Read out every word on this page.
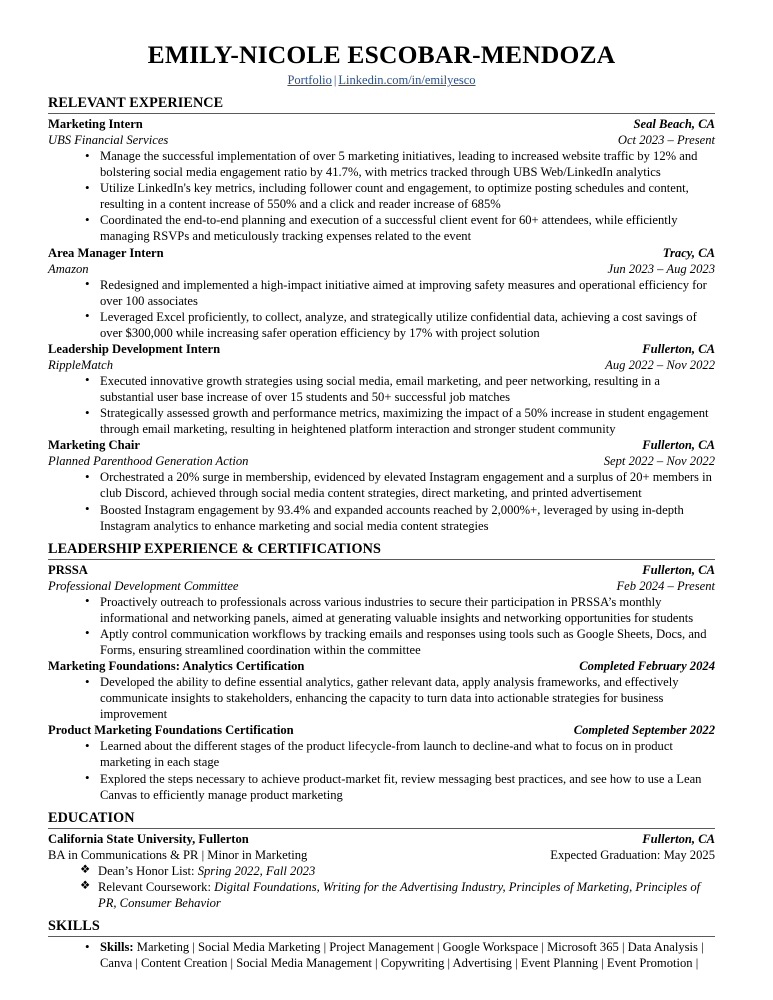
EMILY-NICOLE ESCOBAR-MENDOZA
Portfolio | Linkedin.com/in/emilyesco
RELEVANT EXPERIENCE
Marketing Intern	Seal Beach, CA
UBS Financial Services	Oct 2023 – Present
• Manage the successful implementation of over 5 marketing initiatives, leading to increased website traffic by 12% and bolstering social media engagement ratio by 41.7%, with metrics tracked through UBS Web/LinkedIn analytics
• Utilize LinkedIn's key metrics, including follower count and engagement, to optimize posting schedules and content, resulting in a content increase of 550% and a click and reader increase of 685%
• Coordinated the end-to-end planning and execution of a successful client event for 60+ attendees, while efficiently managing RSVPs and meticulously tracking expenses related to the event
Area Manager Intern	Tracy, CA
Amazon	Jun 2023 – Aug 2023
• Redesigned and implemented a high-impact initiative aimed at improving safety measures and operational efficiency for over 100 associates
• Leveraged Excel proficiently, to collect, analyze, and strategically utilize confidential data, achieving a cost savings of over $300,000 while increasing safer operation efficiency by 17% with project solution
Leadership Development Intern	Fullerton, CA
RippleMatch	Aug 2022 – Nov 2022
• Executed innovative growth strategies using social media, email marketing, and peer networking, resulting in a substantial user base increase of over 15 students and 50+ successful job matches
• Strategically assessed growth and performance metrics, maximizing the impact of a 50% increase in student engagement through email marketing, resulting in heightened platform interaction and stronger student community
Marketing Chair	Fullerton, CA
Planned Parenthood Generation Action	Sept 2022 – Nov 2022
• Orchestrated a 20% surge in membership, evidenced by elevated Instagram engagement and a surplus of 20+ members in club Discord, achieved through social media content strategies, direct marketing, and printed advertisement
• Boosted Instagram engagement by 93.4% and expanded accounts reached by 2,000%+, leveraged by using in-depth Instagram analytics to enhance marketing and social media content strategies
LEADERSHIP EXPERIENCE & CERTIFICATIONS
PRSSA	Fullerton, CA
Professional Development Committee	Feb 2024 – Present
• Proactively outreach to professionals across various industries to secure their participation in PRSSA’s monthly informational and networking panels, aimed at generating valuable insights and networking opportunities for students
• Aptly control communication workflows by tracking emails and responses using tools such as Google Sheets, Docs, and Forms, ensuring streamlined coordination within the committee
Marketing Foundations: Analytics Certification	Completed February 2024
• Developed the ability to define essential analytics, gather relevant data, apply analysis frameworks, and effectively communicate insights to stakeholders, enhancing the capacity to turn data into actionable strategies for business improvement
Product Marketing Foundations Certification	Completed September 2022
• Learned about the different stages of the product lifecycle-from launch to decline-and what to focus on in product marketing in each stage
• Explored the steps necessary to achieve product-market fit, review messaging best practices, and see how to use a Lean Canvas to efficiently manage product marketing
EDUCATION
California State University, Fullerton	Fullerton, CA
BA in Communications & PR | Minor in Marketing	Expected Graduation: May 2025
❖ Dean’s Honor List: Spring 2022, Fall 2023
❖ Relevant Coursework: Digital Foundations, Writing for the Advertising Industry, Principles of Marketing, Principles of PR, Consumer Behavior
SKILLS
• Skills: Marketing | Social Media Marketing | Project Management | Google Workspace | Microsoft 365 | Data Analysis | Canva | Content Creation | Social Media Management | Copywriting | Advertising | Event Planning | Event Promotion |
